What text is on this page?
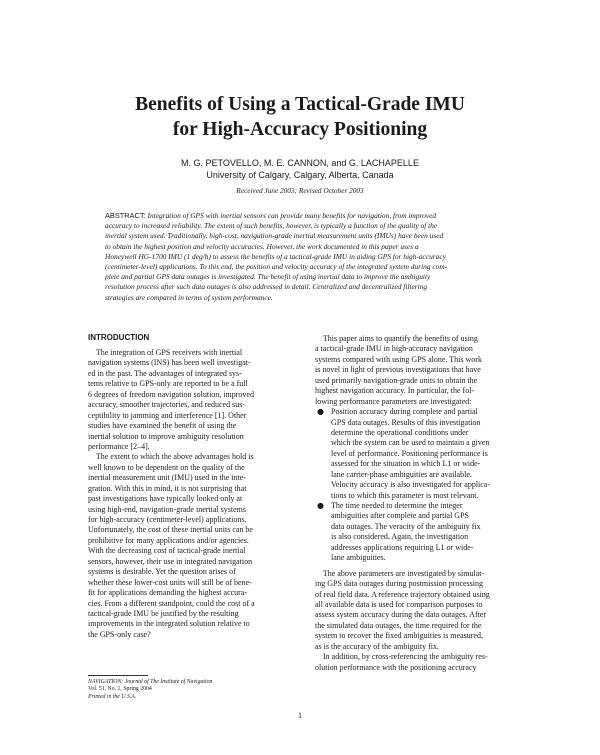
Benefits of Using a Tactical-Grade IMU
for High-Accuracy Positioning
M. G. PETOVELLO, M. E. CANNON, and G. LACHAPELLE
University of Calgary, Calgary, Alberta, Canada
Received June 2003; Revised October 2003
ABSTRACT: Integration of GPS with inertial sensors can provide many benefits for navigation, from improved
accuracy to increased reliability. The extent of such benefits, however, is typically a function of the quality of the
inertial system used. Traditionally, high-cost, navigation-grade inertial measurement units (IMUs) have been used
to obtain the highest position and velocity accuracies. However, the work documented in this paper uses a
Honeywell HG-1700 IMU (1 deg/h) to assess the benefits of a tactical-grade IMU in aiding GPS for high-accuracy
(centimeter-level) applications. To this end, the position and velocity accuracy of the integrated system during com-
plete and partial GPS data outages is investigated. The benefit of using inertial data to improve the ambiguity
resolution process after such data outages is also addressed in detail. Centralized and decentralized filtering
strategies are compared in terms of system performance.
INTRODUCTION
The integration of GPS receivers with inertial
navigation systems (INS) has been well investigat-
ed in the past. The advantages of integrated sys-
tems relative to GPS-only are reported to be a full
6 degrees of freedom navigation solution, improved
accuracy, smoother trajectories, and reduced sus-
ceptibility to jamming and interference [1]. Other
studies have examined the benefit of using the
inertial solution to improve ambiguity resolution
performance [2–4].
The extent to which the above advantages hold is
well known to be dependent on the quality of the
inertial measurement unit (IMU) used in the inte-
gration. With this in mind, it is not surprising that
past investigations have typically looked only at
using high-end, navigation-grade inertial systems
for high-accuracy (centimeter-level) applications.
Unfortunately, the cost of these inertial units can be
prohibitive for many applications and/or agencies.
With the decreasing cost of tactical-grade inertial
sensors, however, their use in integrated navigation
systems is desirable. Yet the question arises of
whether these lower-cost units will still be of bene-
fit for applications demanding the highest accura-
cies. From a different standpoint, could the cost of a
tactical-grade IMU be justified by the resulting
improvements in the integrated solution relative to
the GPS-only case?
This paper aims to quantify the benefits of using
a tactical-grade IMU in high-accuracy navigation
systems compared with using GPS alone. This work
is novel in light of previous investigations that have
used primarily navigation-grade units to obtain the
highest navigation accuracy. In particular, the fol-
lowing performance parameters are investigated:
● Position accuracy during complete and partial
GPS data outages. Results of this investigation
determine the operational conditions under
which the system can be used to maintain a given
level of performance. Positioning performance is
assessed for the situation in which L1 or wide-
lane carrier-phase ambiguities are available.
Velocity accuracy is also investigated for applica-
tions to which this parameter is most relevant.
● The time needed to determine the integer
ambiguities after complete and partial GPS
data outages. The veracity of the ambiguity fix
is also considered. Again, the investigation
addresses applications requiring L1 or wide-
lane ambiguities.
The above parameters are investigated by simulat-
ing GPS data outages during postmission processing
of real field data. A reference trajectory obtained using
all available data is used for comparison purposes to
assess system accuracy during the data outages. After
the simulated data outages, the time required for the
system to recover the fixed ambiguities is measured,
as is the accuracy of the ambiguity fix.
In addition, by cross-referencing the ambiguity res-
olution performance with the positioning accuracy
NAVIGATION: Journal of The Institute of Navigation
Vol. 51, No. 1, Spring 2004
Printed in the U.S.A.
1
